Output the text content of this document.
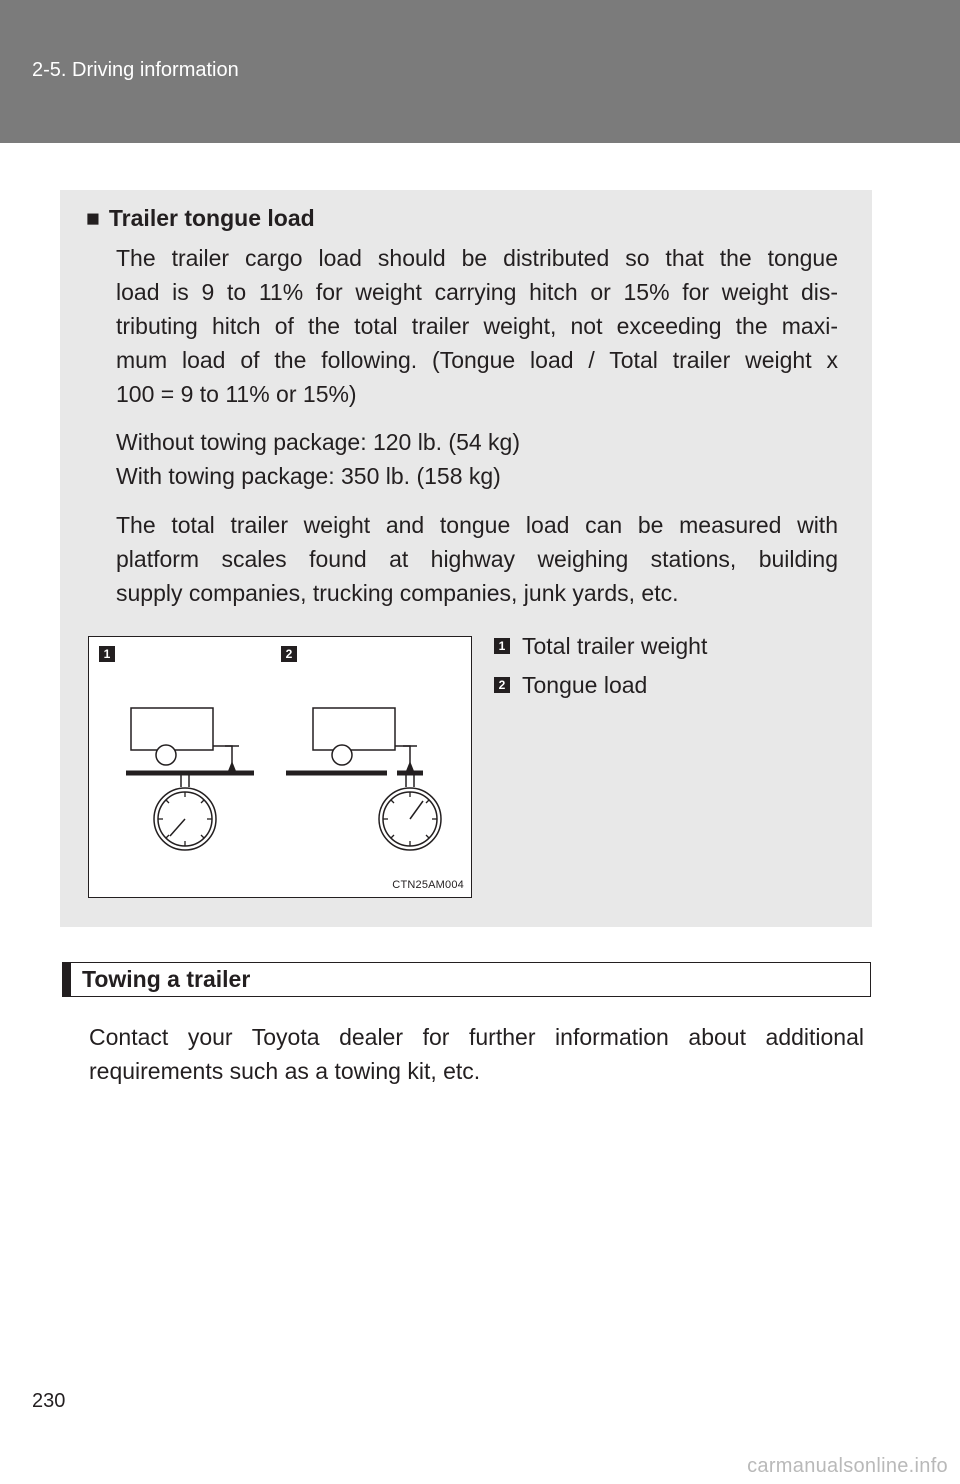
2-5. Driving information
■ Trailer tongue load
The trailer cargo load should be distributed so that the tongue
load is 9 to 11% for weight carrying hitch or 15% for weight dis-
tributing hitch of the total trailer weight, not exceeding the maxi-
mum load of the following. (Tongue load / Total trailer weight x
100 = 9 to 11% or 15%)
Without towing package: 120 lb. (54 kg)
With towing package: 350 lb. (158 kg)
The total trailer weight and tongue load can be measured with
platform scales found at highway weighing stations, building
supply companies, trucking companies, junk yards, etc.
1	2
CTN25AM004
1 Total trailer weight
2 Tongue load
Towing a trailer
Contact your Toyota dealer for further information about additional
requirements such as a towing kit, etc.
230
carmanualsonline.info
